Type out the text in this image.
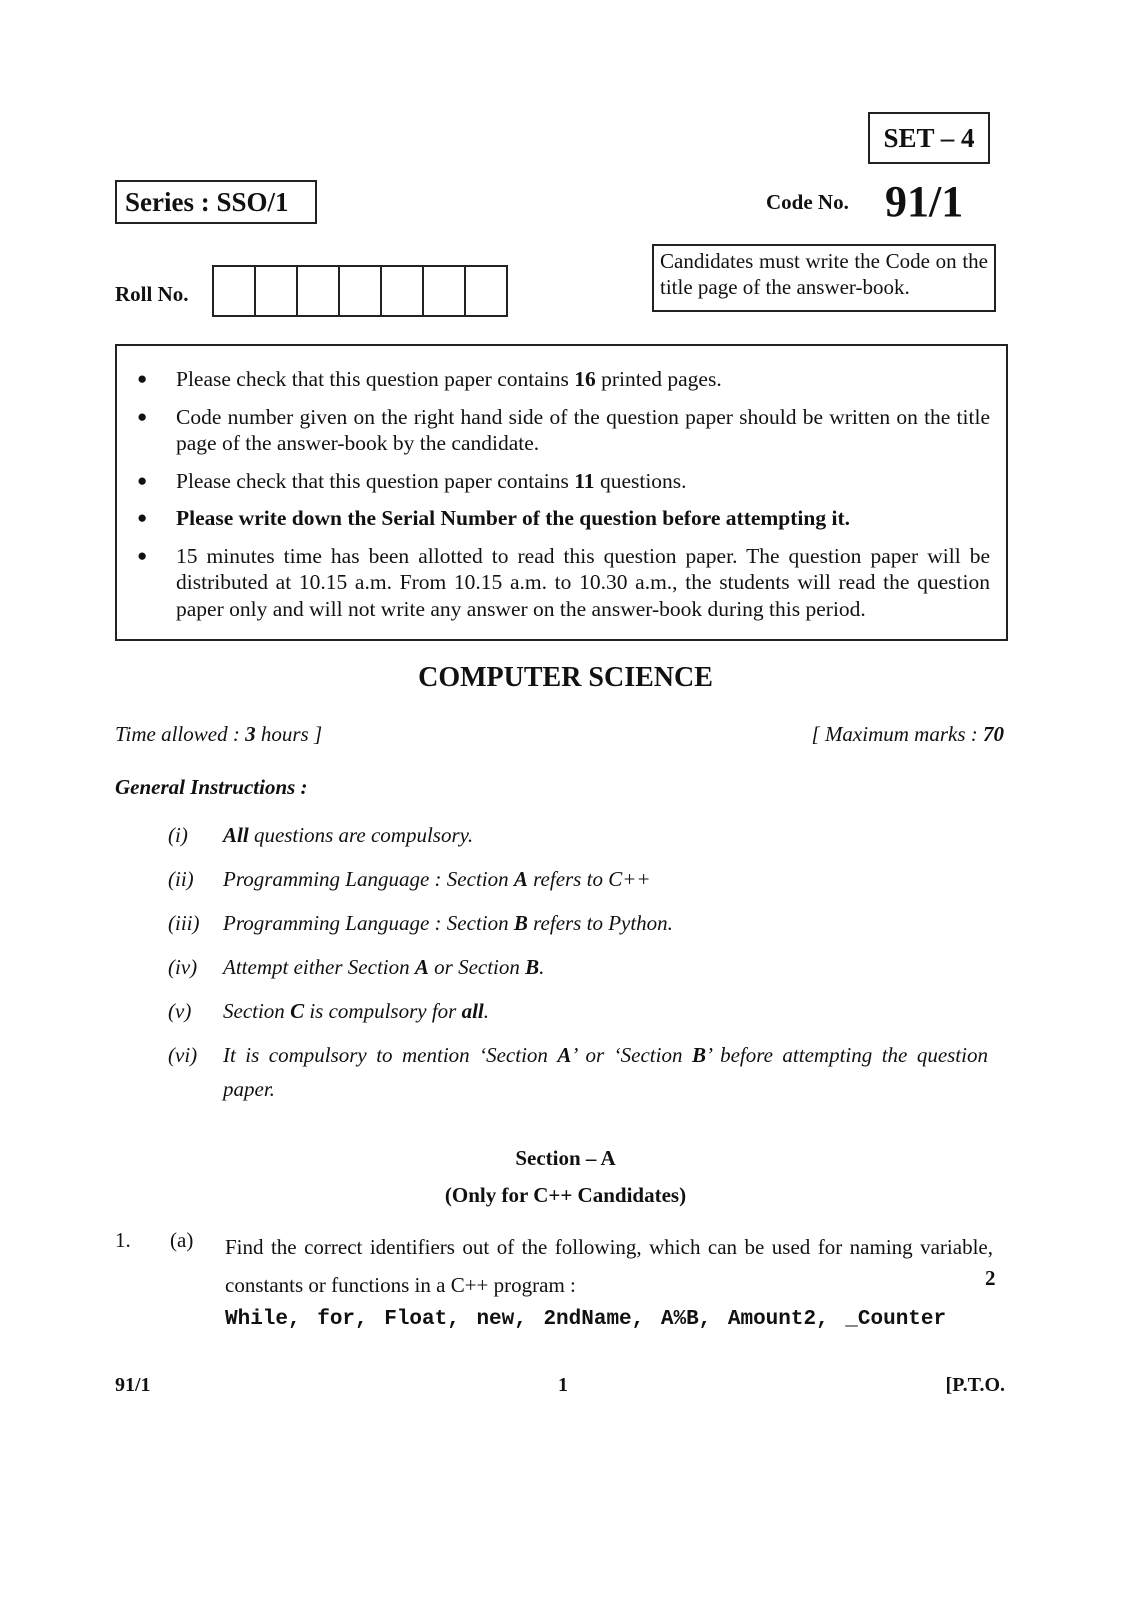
SET – 4
Series : SSO/1	Code No. 91/1
Candidates must write the Code on the title page of the answer-book.
Roll No.
●	Please check that this question paper contains 16 printed pages.
●	Code number given on the right hand side of the question paper should be written on the title page of the answer-book by the candidate.
●	Please check that this question paper contains 11 questions.
●	Please write down the Serial Number of the question before attempting it.
●	15 minutes time has been allotted to read this question paper. The question paper will be distributed at 10.15 a.m. From 10.15 a.m. to 10.30 a.m., the students will read the question paper only and will not write any answer on the answer-book during this period.
COMPUTER SCIENCE
Time allowed : 3 hours ]	[ Maximum marks : 70
General Instructions :
(i)	All questions are compulsory.
(ii)	Programming Language : Section A refers to C++
(iii)	Programming Language : Section B refers to Python.
(iv)	Attempt either Section A or Section B.
(v)	Section C is compulsory for all.
(vi)	It is compulsory to mention ‘Section A’ or ‘Section B’ before attempting the question paper.
Section – A
(Only for C++ Candidates)
1. (a) Find the correct identifiers out of the following, which can be used for naming variable, constants or functions in a C++ program :	2
While, for, Float, new, 2ndName, A%B, Amount2, _Counter
91/1	1	[P.T.O.
